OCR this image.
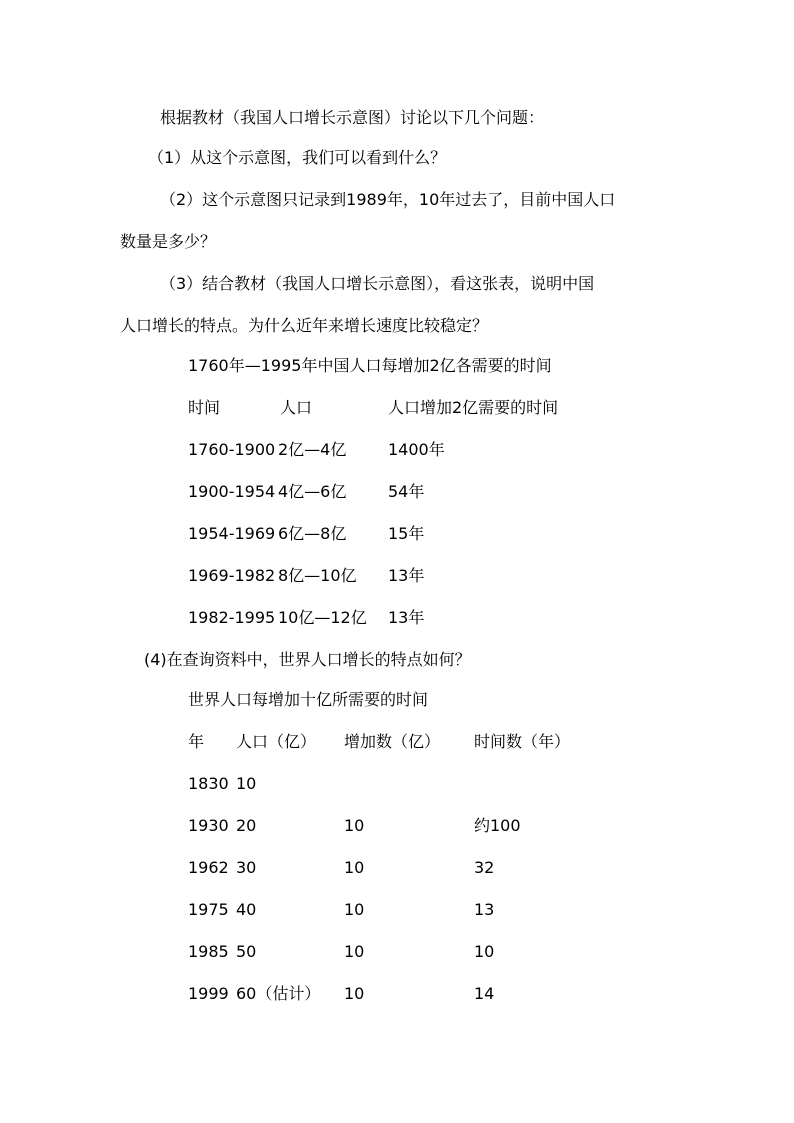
根据教材（我国人口增长示意图）讨论以下几个问题：
（1）从这个示意图，我们可以看到什么？
（2）这个示意图只记录到1989年，10年过去了，目前中国人口
数量是多少？
（3）结合教材（我国人口增长示意图），看这张表，说明中国
人口增长的特点。为什么近年来增长速度比较稳定？
1760年—1995年中国人口每增加2亿各需要的时间
时间	人口	人口增加2亿需要的时间
1760-1900 2亿—4亿	1400年
1900-1954 4亿—6亿	54年
1954-1969 6亿—8亿	15年
1969-1982 8亿—10亿 13年
1982-1995 10亿—12亿 13年
(4)在查询资料中，世界人口增长的特点如何？
世界人口每增加十亿所需要的时间
年 人口（亿） 增加数（亿） 时间数（年）
1830 10
1930 20	10	约100
1962 30	10	32
1975 40	10	13
1985 50	10	10
1999 60（估计） 10	14
